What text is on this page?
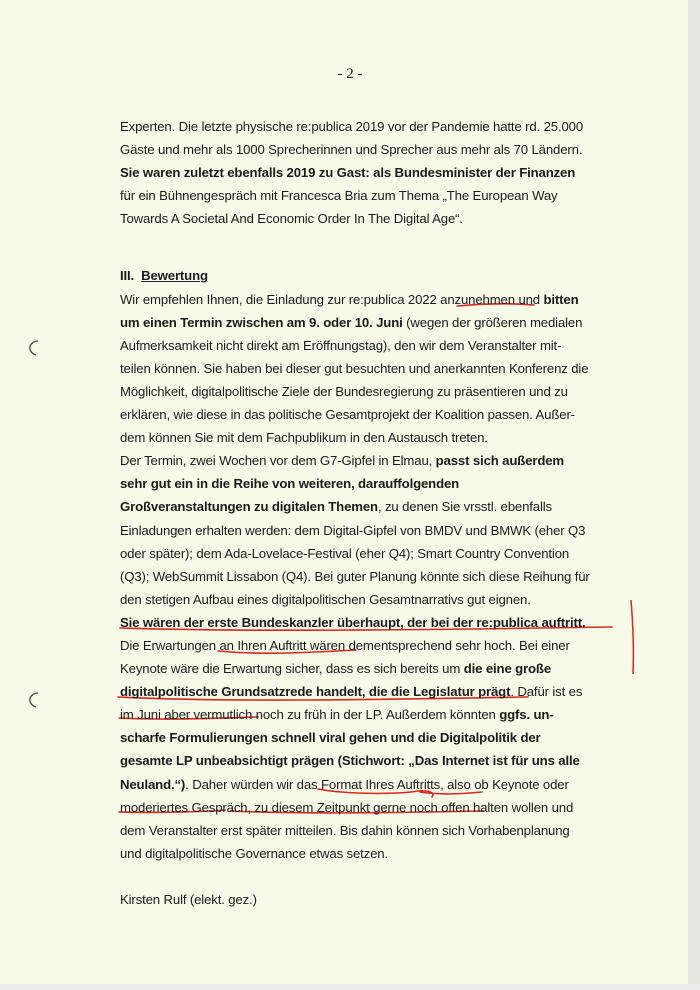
- 2 -
Experten. Die letzte physische re:publica 2019 vor der Pandemie hatte rd. 25.000
Gäste und mehr als 1000 Sprecherinnen und Sprecher aus mehr als 70 Ländern.
Sie waren zuletzt ebenfalls 2019 zu Gast: als Bundesminister der Finanzen
für ein Bühnengespräch mit Francesca Bria zum Thema „The European Way
Towards A Societal And Economic Order In The Digital Age“.
III. Bewertung
Wir empfehlen Ihnen, die Einladung zur re:publica 2022 anzunehmen und bitten
um einen Termin zwischen am 9. oder 10. Juni (wegen der größeren medialen
Aufmerksamkeit nicht direkt am Eröffnungstag), den wir dem Veranstalter mit-
teilen können. Sie haben bei dieser gut besuchten und anerkannten Konferenz die
Möglichkeit, digitalpolitische Ziele der Bundesregierung zu präsentieren und zu
erklären, wie diese in das politische Gesamtprojekt der Koalition passen. Außer-
dem können Sie mit dem Fachpublikum in den Austausch treten.
Der Termin, zwei Wochen vor dem G7-Gipfel in Elmau, passt sich außerdem
sehr gut ein in die Reihe von weiteren, darauffolgenden
Großveranstaltungen zu digitalen Themen, zu denen Sie vrsstl. ebenfalls
Einladungen erhalten werden: dem Digital-Gipfel von BMDV und BMWK (eher Q3
oder später); dem Ada-Lovelace-Festival (eher Q4); Smart Country Convention
(Q3); WebSummit Lissabon (Q4). Bei guter Planung könnte sich diese Reihung für
den stetigen Aufbau eines digitalpolitischen Gesamtnarrativs gut eignen.
Sie wären der erste Bundeskanzler überhaupt, der bei der re:publica auftritt.
Die Erwartungen an Ihren Auftritt wären dementsprechend sehr hoch. Bei einer
Keynote wäre die Erwartung sicher, dass es sich bereits um die eine große
digitalpolitische Grundsatzrede handelt, die die Legislatur prägt. Dafür ist es
im Juni aber vermutlich noch zu früh in der LP. Außerdem könnten ggfs. un-
scharfe Formulierungen schnell viral gehen und die Digitalpolitik der
gesamte LP unbeabsichtigt prägen (Stichwort: „Das Internet ist für uns alle
Neuland.“). Daher würden wir das Format Ihres Auftritts, also ob Keynote oder
moderiertes Gespräch, zu diesem Zeitpunkt gerne noch offen halten wollen und
dem Veranstalter erst später mitteilen. Bis dahin können sich Vorhabenplanung
und digitalpolitische Governance etwas setzen.
Kirsten Rulf (elekt. gez.)
